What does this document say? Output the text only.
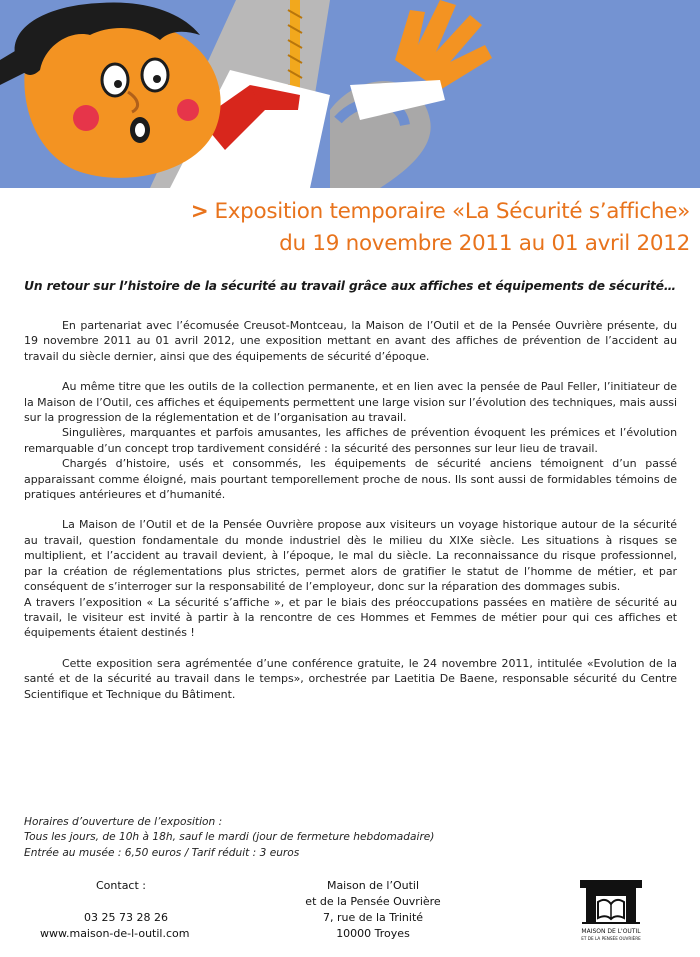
> Exposition temporaire «La Sécurité s’affiche»
du 19 novembre 2011 au 01 avril 2012
Un retour sur l’histoire de la sécurité au travail grâce aux affiches et équipements de sécurité…

En partenariat avec l’écomusée Creusot-Montceau, la Maison de l’Outil et de la Pensée Ouvrière présente, du 19 novembre 2011 au 01 avril 2012, une exposition mettant en avant des affiches de prévention de l’accident au travail du siècle dernier, ainsi que des équipements de sécurité d’époque.

Au même titre que les outils de la collection permanente, et en lien avec la pensée de Paul Feller, l’initiateur de la Maison de l’Outil, ces affiches et équipements permettent une large vision sur l’évolution des techniques, mais aussi sur la progression de la réglementation et de l’organisation au travail.

Singulières, marquantes et parfois amusantes, les affiches de prévention évoquent les prémices et l’évolution remarquable d’un concept trop tardivement considéré : la sécurité des personnes sur leur lieu de travail.

Chargés d’histoire, usés et consommés, les équipements de sécurité anciens témoignent d’un passé apparaissant comme éloigné, mais pourtant temporellement proche de nous. Ils sont aussi de formidables témoins de pratiques antérieures et d’humanité.

La Maison de l’Outil et de la Pensée Ouvrière propose aux visiteurs un voyage historique autour de la sécurité au travail, question fondamentale du monde industriel dès le milieu du XIXe siècle. Les situations à risques se multiplient, et l’accident au travail devient, à l’époque, le mal du siècle. La reconnaissance du risque professionnel, par la création de réglementations plus strictes, permet alors de gratifier le statut de l’homme de métier, et par conséquent de s’interroger sur la responsabilité de l’employeur, donc sur la réparation des dommages subis.

A travers l’exposition « La sécurité s’affiche », et par le biais des préoccupations passées en matière de sécurité au travail, le visiteur est invité à partir à la rencontre de ces Hommes et Femmes de métier pour qui ces affiches et équipements étaient destinés !

Cette exposition sera agrémentée d’une conférence gratuite, le 24 novembre 2011, intitulée «Evolution de la santé et de la sécurité au travail dans le temps», orchestrée par Laetitia De Baene, responsable sécurité du Centre Scientifique et Technique du Bâtiment.

Horaires d’ouverture de l’exposition :
Tous les jours, de 10h à 18h, sauf le mardi (jour de fermeture hebdomadaire)
Entrée au musée : 6,50 euros / Tarif réduit : 3 euros
Contact :
03 25 73 28 26
www.maison-de-l-outil.com
Maison de l’Outil
et de la Pensée Ouvrière
7, rue de la Trinité
10000 Troyes	MAISON DE L'OUTIL
ET DE LA PENSÉE OUVRIÈRE
